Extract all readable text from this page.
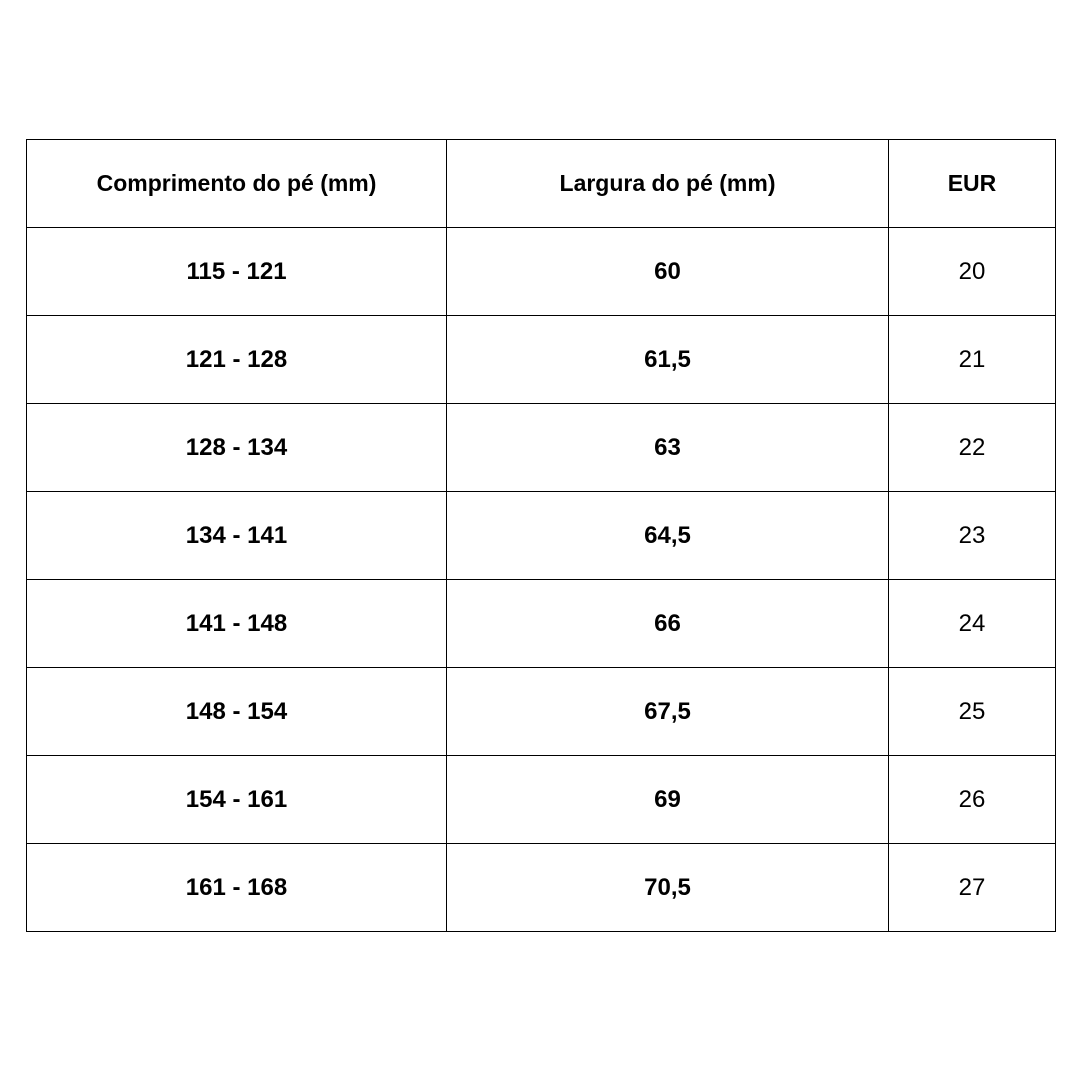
Comprimento do pé (mm)	Largura do pé (mm)	EUR
115 - 121	60	20
121 - 128	61,5	21
128 - 134	63	22
134 - 141	64,5	23
141 - 148	66	24
148 - 154	67,5	25
154 - 161	69	26
161 - 168	70,5	27
